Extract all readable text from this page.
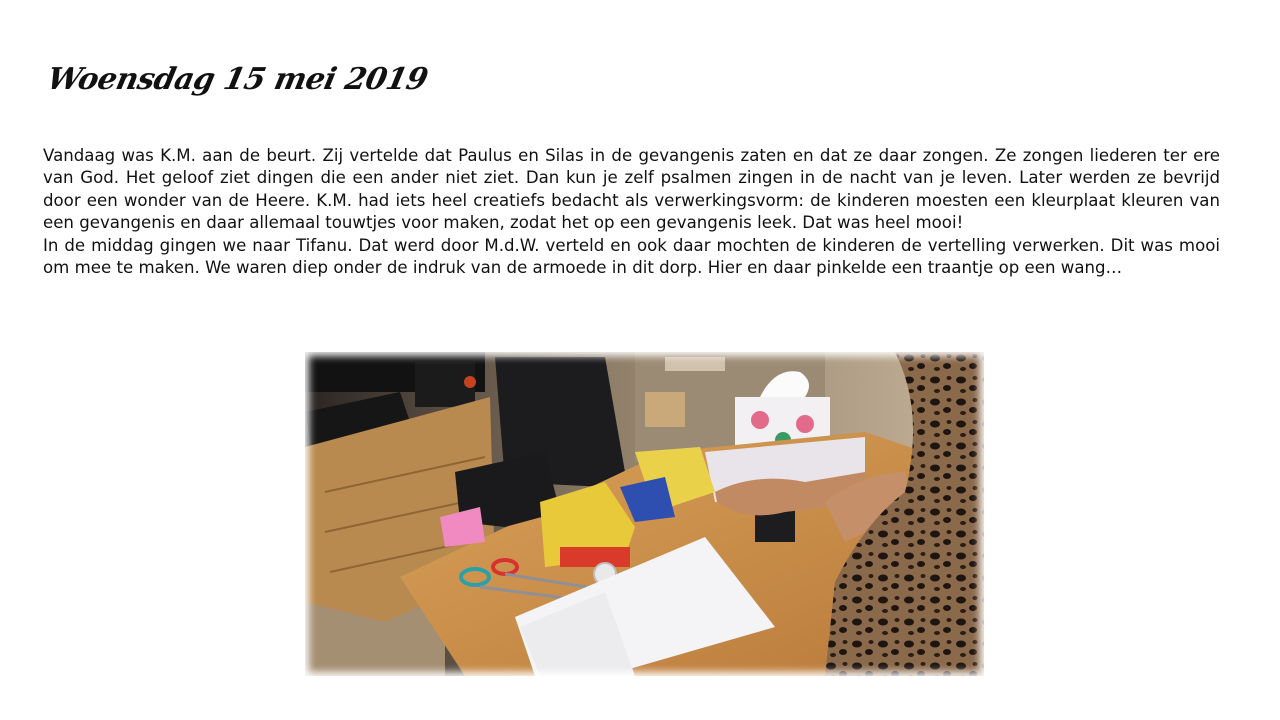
Woensdag 15 mei 2019

Vandaag was K.M. aan de beurt. Zij vertelde dat Paulus en Silas in de gevangenis zaten en dat ze daar zongen. Ze zongen liederen ter ere van God. Het geloof ziet dingen die een ander niet ziet. Dan kun je zelf psalmen zingen in de nacht van je leven. Later werden ze bevrijd door een wonder van de Heere. K.M. had iets heel creatiefs bedacht als verwerkingsvorm: de kinderen moesten een kleurplaat kleuren van een gevangenis en daar allemaal touwtjes voor maken, zodat het op een gevangenis leek. Dat was heel mooi!

In de middag gingen we naar Tifanu. Dat werd door M.d.W. verteld en ook daar mochten de kinderen de vertelling verwerken. Dit was mooi om mee te maken. We waren diep onder de indruk van de armoede in dit dorp. Hier en daar pinkelde een traantje op een wang…
